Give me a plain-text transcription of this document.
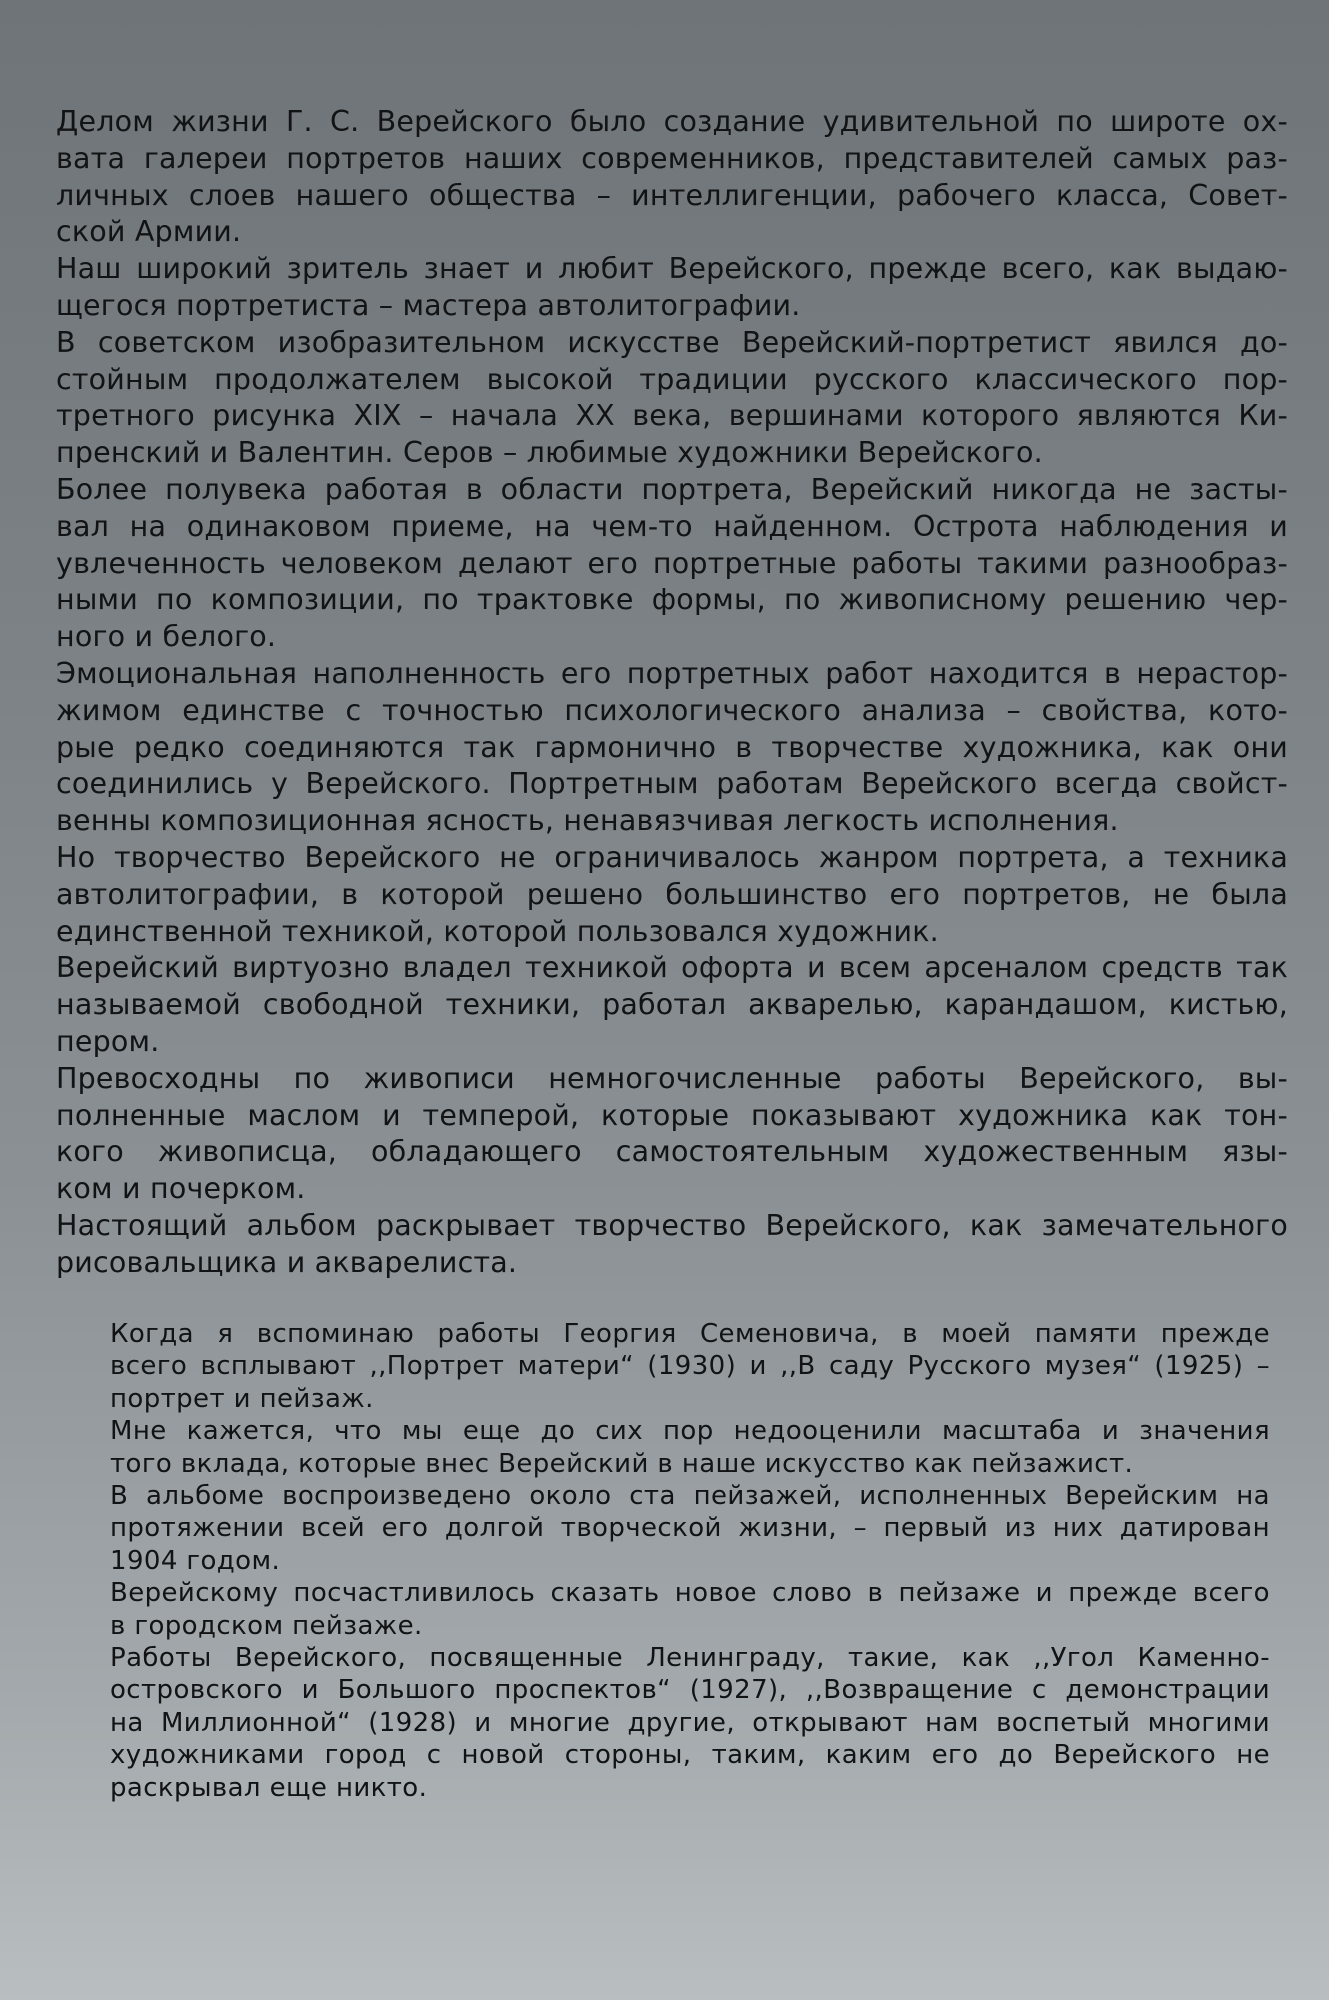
Делом жизни Г. С. Верейского было создание удивительной по широте ох-
вата галереи портретов наших современников, представителей самых раз-
личных слоев нашего общества – интеллигенции, рабочего класса, Совет-
ской Армии.
Наш широкий зритель знает и любит Верейского, прежде всего, как выдаю-
щегося портретиста – мастера автолитографии.
В советском изобразительном искусстве Верейский-портретист явился до-
стойным продолжателем высокой традиции русского классического пор-
третного рисунка XIX – начала XX века, вершинами которого являются Ки-
пренский и Валентин. Серов – любимые художники Верейского.
Более полувека работая в области портрета, Верейский никогда не засты-
вал на одинаковом приеме, на чем-то найденном. Острота наблюдения и
увлеченность человеком делают его портретные работы такими разнообраз-
ными по композиции, по трактовке формы, по живописному решению чер-
ного и белого.
Эмоциональная наполненность его портретных работ находится в нерастор-
жимом единстве с точностью психологического анализа – свойства, кото-
рые редко соединяются так гармонично в творчестве художника, как они
соединились у Верейского. Портретным работам Верейского всегда свойст-
венны композиционная ясность, ненавязчивая легкость исполнения.
Но творчество Верейского не ограничивалось жанром портрета, а техника
автолитографии, в которой решено большинство его портретов, не была
единственной техникой, которой пользовался художник.
Верейский виртуозно владел техникой офорта и всем арсеналом средств так
называемой свободной техники, работал акварелью, карандашом, кистью,
пером.
Превосходны по живописи немногочисленные работы Верейского, вы-
полненные маслом и темперой, которые показывают художника как тон-
кого живописца, обладающего самостоятельным художественным язы-
ком и почерком.
Настоящий альбом раскрывает творчество Верейского, как замечательного
рисовальщика и акварелиста.
Когда я вспоминаю работы Георгия Семеновича, в моей памяти прежде
всего всплывают ,,Портрет матери“ (1930) и ,,В саду Русского музея“ (1925) –
портрет и пейзаж.
Мне кажется, что мы еще до сих пор недооценили масштаба и значения
того вклада, которые внес Верейский в наше искусство как пейзажист.
В альбоме воспроизведено около ста пейзажей, исполненных Верейским на
протяжении всей его долгой творческой жизни, – первый из них датирован
1904 годом.
Верейскому посчастливилось сказать новое слово в пейзаже и прежде всего
в городском пейзаже.
Работы Верейского, посвященные Ленинграду, такие, как ,,Угол Каменно-
островского и Большого проспектов“ (1927), ,,Возвращение с демонстрации
на Миллионной“ (1928) и многие другие, открывают нам воспетый многими
художниками город с новой стороны, таким, каким его до Верейского не
раскрывал еще никто.
